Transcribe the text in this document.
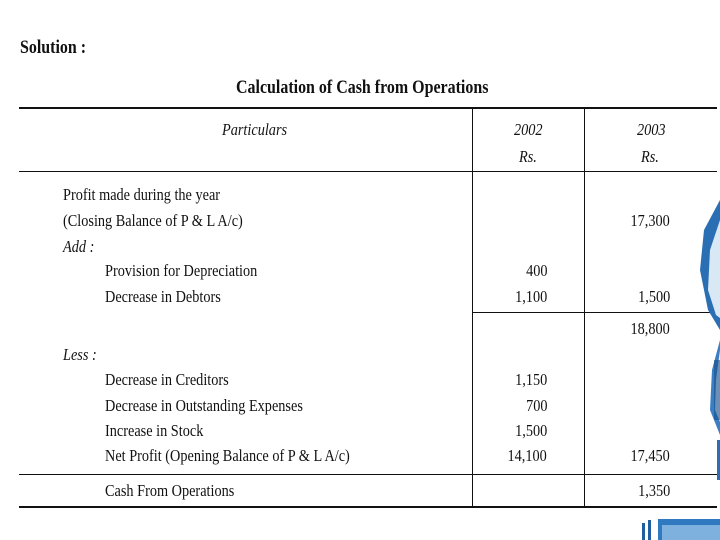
Solution :
Calculation of Cash from Operations
Particulars	2002
Rs.
2003
Rs.
Profit made during the year
(Closing Balance of P & L A/c)
Add :
Provision for Depreciation
Decrease in Debtors
Less :
Decrease in Creditors
Decrease in Outstanding Expenses
Increase in Stock
Net Profit (Opening Balance of P & L A/c)
Cash From Operations
400
1,100
1,150
700
1,500
14,100
17,300
1,500
18,800
17,450
1,350
